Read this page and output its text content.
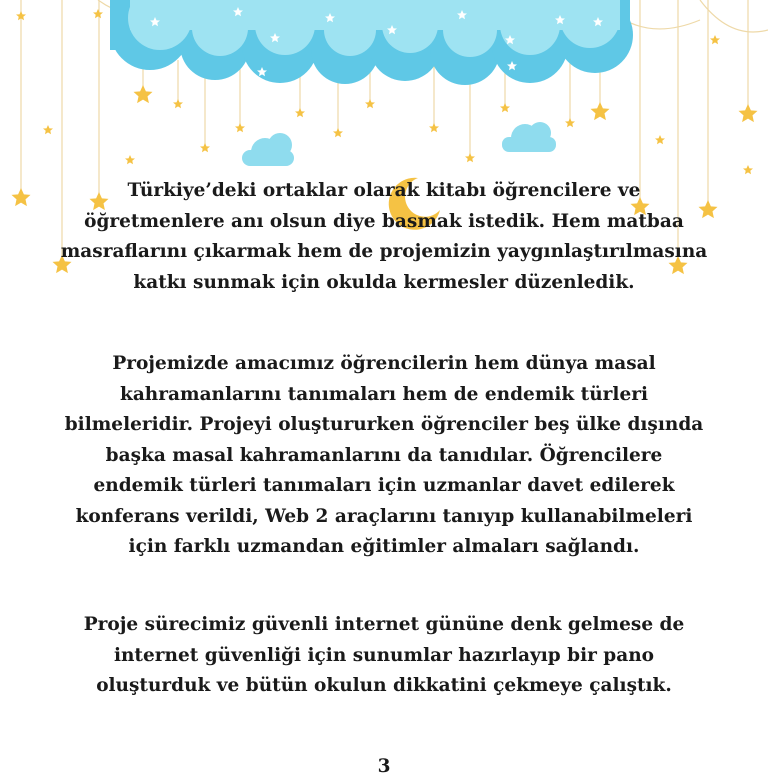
Türkiye’deki ortaklar olarak kitabı öğrencilere ve öğretmenlere anı olsun diye basmak istedik. Hem matbaa masraflarını çıkarmak hem de projemizin yaygınlaştırılmasına katkı sunmak için okulda kermesler düzenledik.

Projemizde amacımız öğrencilerin hem dünya masal kahramanlarını tanımaları hem de endemik türleri bilmeleridir. Projeyi oluştururken öğrenciler beş ülke dışında başka masal kahramanlarını da tanıdılar. Öğrencilere endemik türleri tanımaları için uzmanlar davet edilerek konferans verildi, Web 2 araçlarını tanıyıp kullanabilmeleri için farklı uzmandan eğitimler almaları sağlandı.

Proje sürecimiz güvenli internet gününe denk gelmese de internet güvenliği için sunumlar hazırlayıp bir pano oluşturduk ve bütün okulun dikkatini çekmeye çalıştık.

3
